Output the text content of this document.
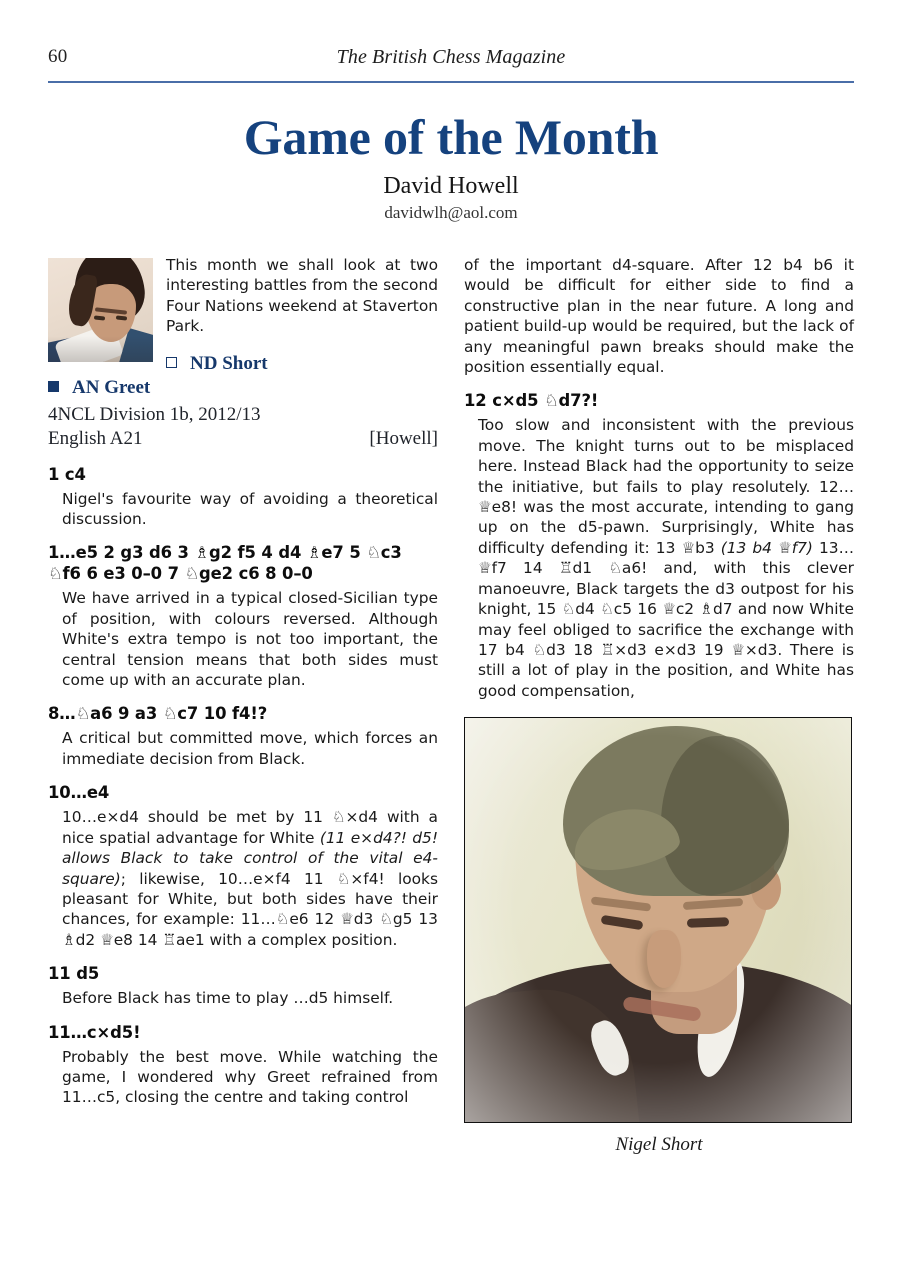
60	The British Chess Magazine
Game of the Month
David Howell
davidwlh@aol.com

This month we shall look at two interesting battles from the second Four Nations weekend at Staverton Park.

ND Short
AN Greet
4NCL Division 1b, 2012/13
English A21	[Howell]
1 c4

Nigel's favourite way of avoiding a theoretical discussion.

1…e5 2 g3 d6 3 ♗g2 f5 4 d4 ♗e7 5 ♘c3 ♘f6 6 e3 0–0 7 ♘ge2 c6 8 0–0

We have arrived in a typical closed-Sicilian type of position, with colours reversed. Although White's extra tempo is not too important, the central tension means that both sides must come up with an accurate plan.

8…♘a6 9 a3 ♘c7 10 f4!?

A critical but committed move, which forces an immediate decision from Black.

10…e4

10…e×d4 should be met by 11 ♘×d4 with a nice spatial advantage for White (11 e×d4?! d5! allows Black to take control of the vital e4-square); likewise, 10…e×f4 11 ♘×f4! looks pleasant for White, but both sides have their chances, for example: 11…♘e6 12 ♕d3 ♘g5 13 ♗d2 ♕e8 14 ♖ae1 with a complex position.

11 d5

Before Black has time to play …d5 himself.

11…c×d5!

Probably the best move. While watching the game, I wondered why Greet refrained from 11…c5, closing the centre and taking control

of the important d4-square. After 12 b4 b6 it would be difficult for either side to find a constructive plan in the near future. A long and patient build-up would be required, but the lack of any meaningful pawn breaks should make the position essentially equal.

12 c×d5 ♘d7?!

Too slow and inconsistent with the previous move. The knight turns out to be misplaced here. Instead Black had the opportunity to seize the initiative, but fails to play resolutely. 12…♕e8! was the most accurate, intending to gang up on the d5-pawn. Surprisingly, White has difficulty defending it: 13 ♕b3 (13 b4 ♕f7) 13…♕f7 14 ♖d1 ♘a6! and, with this clever manoeuvre, Black targets the d3 outpost for his knight, 15 ♘d4 ♘c5 16 ♕c2 ♗d7 and now White may feel obliged to sacrifice the exchange with 17 b4 ♘d3 18 ♖×d3 e×d3 19 ♕×d3. There is still a lot of play in the position, and White has good compensation,

Nigel Short
